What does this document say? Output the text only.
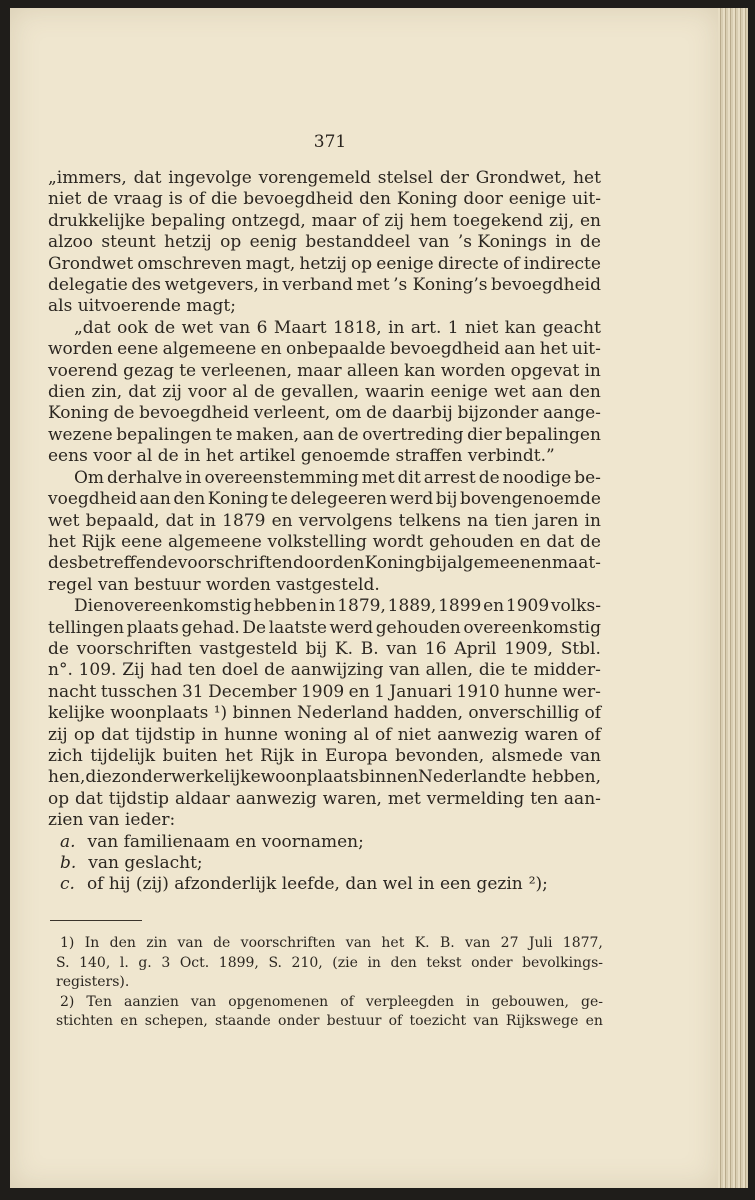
371
„immers, dat ingevolge vorengemeld stelsel der Grondwet, het
niet de vraag is of die bevoegdheid den Koning door eenige uit-
drukkelijke bepaling ontzegd, maar of zij hem toegekend zij, en
alzoo steunt hetzij op eenig bestanddeel van ’s Konings in de
Grondwet omschreven magt, hetzij op eenige directe of indirecte
delegatie des wetgevers, in verband met ’s Koning’s bevoegdheid
als uitvoerende magt;
„dat ook de wet van 6 Maart 1818, in art. 1 niet kan geacht
worden eene algemeene en onbepaalde bevoegdheid aan het uit-
voerend gezag te verleenen, maar alleen kan worden opgevat in
dien zin, dat zij voor al de gevallen, waarin eenige wet aan den
Koning de bevoegdheid verleent, om de daarbij bijzonder aange-
wezene bepalingen te maken, aan de overtreding dier bepalingen
eens voor al de in het artikel genoemde straffen verbindt.”
Om derhalve in overeenstemming met dit arrest de noodige be-
voegdheid aan den Koning te delegeeren werd bij bovengenoemde
wet bepaald, dat in 1879 en vervolgens telkens na tien jaren in
het Rijk eene algemeene volkstelling wordt gehouden en dat de
desbetreffende voorschriften door den Koning bij algemeenen maat-
regel van bestuur worden vastgesteld.
Dienovereenkomstig hebben in 1879, 1889, 1899 en 1909 volks-
tellingen plaats gehad. De laatste werd gehouden overeenkomstig
de voorschriften vastgesteld bij K. B. van 16 April 1909, Stbl.
n°. 109. Zij had ten doel de aanwijzing van allen, die te midder-
nacht tusschen 31 December 1909 en 1 Januari 1910 hunne wer-
kelijke woonplaats ¹) binnen Nederland hadden, onverschillig of
zij op dat tijdstip in hunne woning al of niet aanwezig waren of
zich tijdelijk buiten het Rijk in Europa bevonden, alsmede van
hen, die zonder werkelijke woonplaats binnen Nederland te hebben,
op dat tijdstip aldaar aanwezig waren, met vermelding ten aan-
zien van ieder:
a. van familienaam en voornamen;
b. van geslacht;
c. of hij (zij) afzonderlijk leefde, dan wel in een gezin ²);
1) In den zin van de voorschriften van het K. B. van 27 Juli 1877,
S. 140, l. g. 3 Oct. 1899, S. 210, (zie in den tekst onder bevolkings-
registers).
2) Ten aanzien van opgenomenen of verpleegden in gebouwen, ge-
stichten en schepen, staande onder bestuur of toezicht van Rijkswege en
